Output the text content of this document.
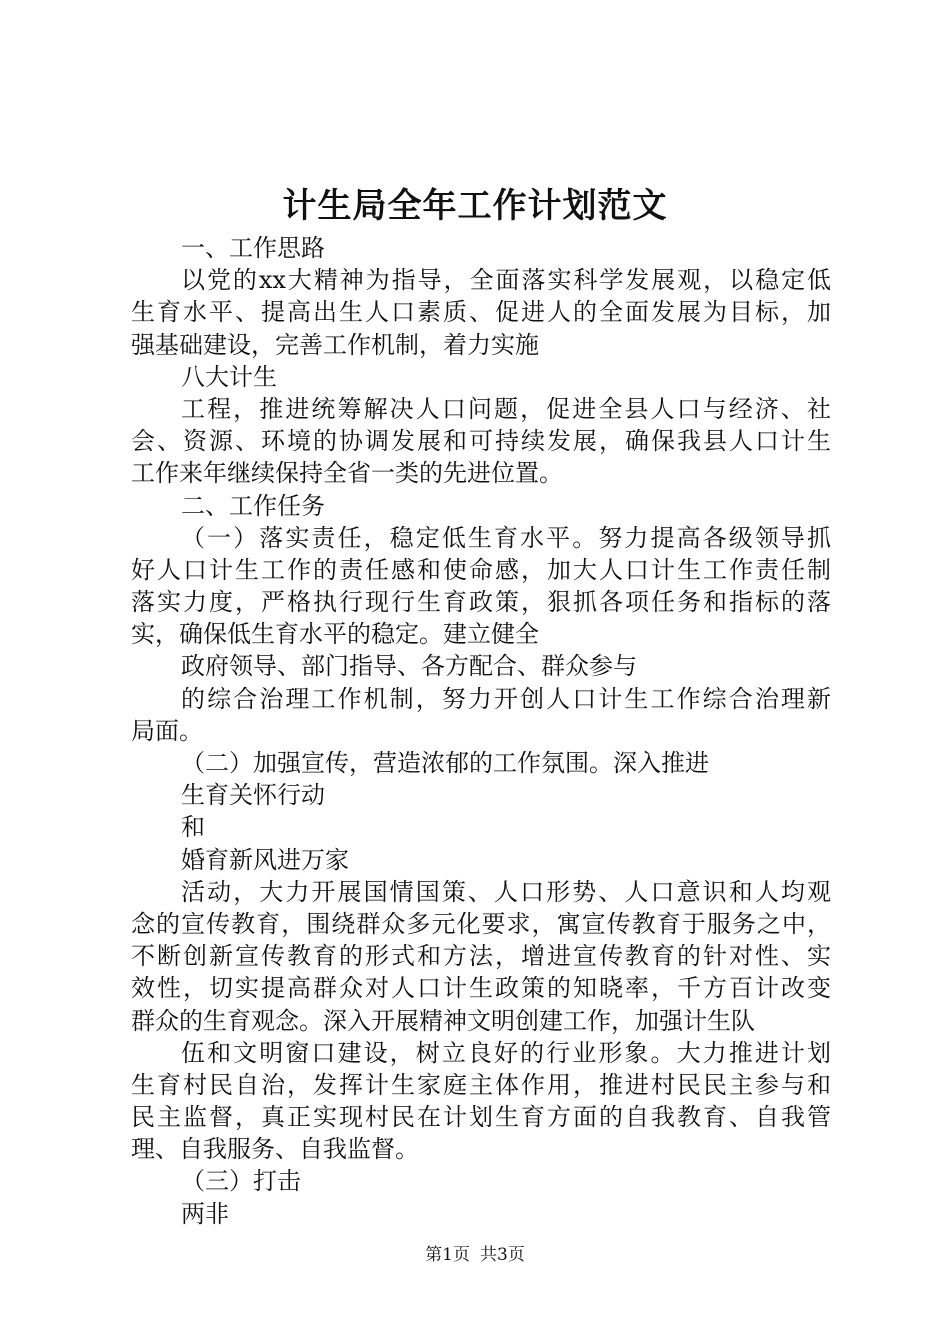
计生局全年工作计划范文
一、工作思路
以党的xx大精神为指导，全面落实科学发展观，以稳定低
生育水平、提高出生人口素质、促进人的全面发展为目标，加
强基础建设，完善工作机制，着力实施
八大计生
工程，推进统筹解决人口问题，促进全县人口与经济、社
会、资源、环境的协调发展和可持续发展，确保我县人口计生
工作来年继续保持全省一类的先进位置。
二、工作任务
（一）落实责任，稳定低生育水平。努力提高各级领导抓
好人口计生工作的责任感和使命感，加大人口计生工作责任制
落实力度，严格执行现行生育政策，狠抓各项任务和指标的落
实，确保低生育水平的稳定。建立健全
政府领导、部门指导、各方配合、群众参与
的综合治理工作机制，努力开创人口计生工作综合治理新
局面。
（二）加强宣传，营造浓郁的工作氛围。深入推进
生育关怀行动
和
婚育新风进万家
活动，大力开展国情国策、人口形势、人口意识和人均观
念的宣传教育，围绕群众多元化要求，寓宣传教育于服务之中，
不断创新宣传教育的形式和方法，增进宣传教育的针对性、实
效性，切实提高群众对人口计生政策的知晓率，千方百计改变
群众的生育观念。深入开展精神文明创建工作，加强计生队
伍和文明窗口建设，树立良好的行业形象。大力推进计划
生育村民自治，发挥计生家庭主体作用，推进村民民主参与和
民主监督，真正实现村民在计划生育方面的自我教育、自我管
理、自我服务、自我监督。
（三）打击
两非
第1页 共3页
